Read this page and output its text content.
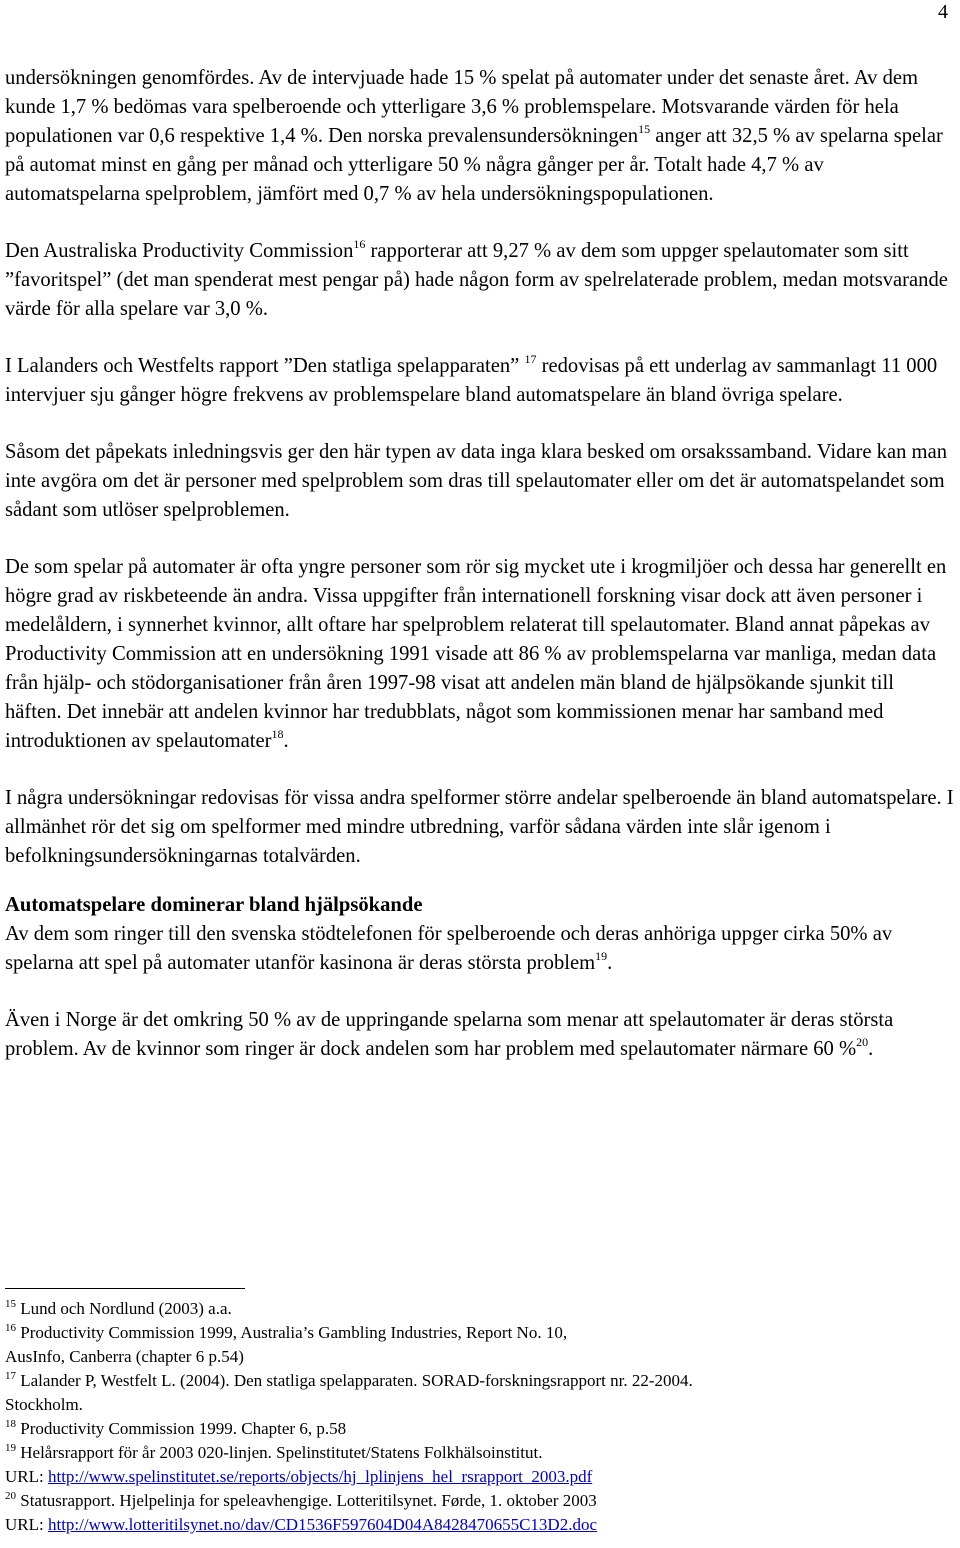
4

undersökningen genomfördes. Av de intervjuade hade 15 % spelat på automater under det senaste året. Av dem kunde 1,7 % bedömas vara spelberoende och ytterligare 3,6 % problemspelare. Motsvarande värden för hela populationen var 0,6 respektive 1,4 %. Den norska prevalensundersökningen$^{15}$ anger att 32,5 % av spelarna spelar på automat minst en gång per månad och ytterligare 50 % några gånger per år. Totalt hade 4,7 % av automatspelarna spelproblem, jämfört med 0,7 % av hela undersökningspopulationen.

Den Australiska Productivity Commission$^{16}$ rapporterar att 9,27 % av dem som uppger spelautomater som sitt ”favoritspel” (det man spenderat mest pengar på) hade någon form av spelrelaterade problem, medan motsvarande värde för alla spelare var 3,0 %.

I Lalanders och Westfelts rapport ”Den statliga spelapparaten” $^{17}$ redovisas på ett underlag av sammanlagt 11 000 intervjuer sju gånger högre frekvens av problemspelare bland automatspelare än bland övriga spelare.

Såsom det påpekats inledningsvis ger den här typen av data inga klara besked om orsakssamband. Vidare kan man inte avgöra om det är personer med spelproblem som dras till spelautomater eller om det är automatspelandet som sådant som utlöser spelproblemen.

De som spelar på automater är ofta yngre personer som rör sig mycket ute i krogmiljöer och dessa har generellt en högre grad av riskbeteende än andra. Vissa uppgifter från internationell forskning visar dock att även personer i medelåldern, i synnerhet kvinnor, allt oftare har spelproblem relaterat till spelautomater. Bland annat påpekas av Productivity Commission att en undersökning 1991 visade att 86 % av problemspelarna var manliga, medan data från hjälp- och stödorganisationer från åren 1997-98 visat att andelen män bland de hjälpsökande sjunkit till häften. Det innebär att andelen kvinnor har tredubblats, något som kommissionen menar har samband med introduktionen av spelautomater$^{18}$.

I några undersökningar redovisas för vissa andra spelformer större andelar spelberoende än bland automatspelare. I allmänhet rör det sig om spelformer med mindre utbredning, varför sådana värden inte slår igenom i befolkningsundersökningarnas totalvärden.

Automatspelare dominerar bland hjälpsökande

Av dem som ringer till den svenska stödtelefonen för spelberoende och deras anhöriga uppger cirka 50% av spelarna att spel på automater utanför kasinona är deras största problem$^{19}$.

Även i Norge är det omkring 50 % av de uppringande spelarna som menar att spelautomater är deras största problem. Av de kvinnor som ringer är dock andelen som har problem med spelautomater närmare 60 %$^{20}$.

$^{15}$ Lund och Nordlund (2003) a.a.

$^{16}$ Productivity Commission 1999, Australia’s Gambling Industries, Report No. 10,
AusInfo, Canberra (chapter 6 p.54)

$^{17}$ Lalander P, Westfelt L. (2004). Den statliga spelapparaten. SORAD-forskningsrapport nr. 22-2004.
Stockholm.

$^{18}$ Productivity Commission 1999. Chapter 6, p.58

$^{19}$ Helårsrapport för år 2003 020-linjen. Spelinstitutet/Statens Folkhälsoinstitut.
URL: http://www.spelinstitutet.se/reports/objects/hj_lplinjens_hel_rsrapport_2003.pdf

$^{20}$ Statusrapport. Hjelpelinja for speleavhengige. Lotteritilsynet. Førde, 1. oktober 2003
URL: http://www.lotteritilsynet.no/dav/CD1536F597604D04A8428470655C13D2.doc
